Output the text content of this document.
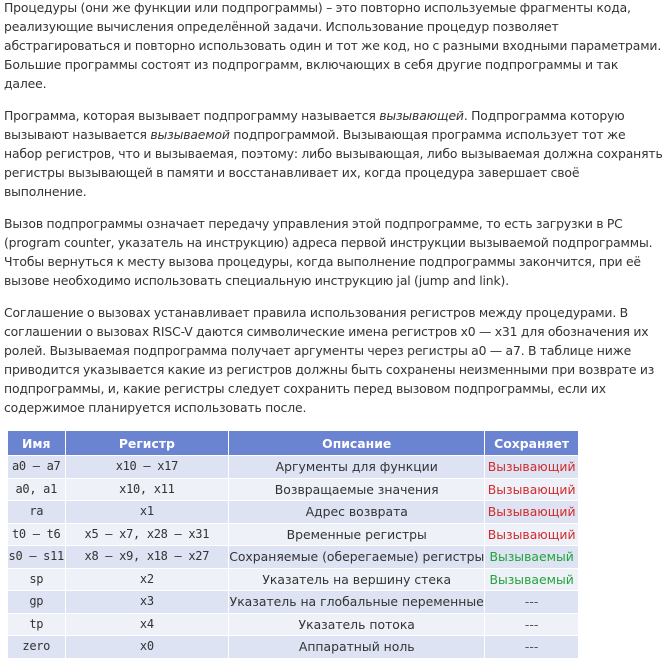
Процедуры (они же функции или подпрограммы) – это повторно используемые фрагменты кода, реализующие вычисления определённой задачи. Использование процедур позволяет абстрагироваться и повторно использовать один и тот же код, но с разными входными параметрами. Большие программы состоят из подпрограмм, включающих в себя другие подпрограммы и так далее.

Программа, которая вызывает подпрограмму называется вызывающей. Подпрограмма которую вызывают называется вызываемой подпрограммой. Вызывающая программа использует тот же набор регистров, что и вызываемая, поэтому: либо вызывающая, либо вызываемая должна сохранять регистры вызывающей в памяти и восстанавливает их, когда процедура завершает своё выполнение.

Вызов подпрограммы означает передачу управления этой подпрограмме, то есть загрузки в PC (program counter, указатель на инструкцию) адреса первой инструкции вызываемой подпрограммы. Чтобы вернуться к месту вызова процедуры, когда выполнение подпрограммы закончится, при её вызове необходимо использовать специальную инструкцию jal (jump and link).

Соглашение о вызовах устанавливает правила использования регистров между процедурами. В соглашении о вызовах RISC-V даются символические имена регистров x0 — x31 для обозначения их ролей. Вызываемая подпрограмма получает аргументы через регистры a0 — a7. В таблице ниже приводится указывается какие из регистров должны быть сохранены неизменными при возврате из подпрограммы, и, какие регистры следует сохранить перед вызовом подпрограммы, если их содержимое планируется использовать после.

Имя	Регистр	Описание	Сохраняет
a0 — a7	x10 — x17	Аргументы для функции	Вызывающий
a0, a1	x10, x11	Возвращаемые значения	Вызывающий
ra	x1	Адрес возврата	Вызывающий
t0 — t6	x5 — x7, x28 — x31	Временные регистры	Вызывающий
s0 — s11	x8 — x9, x18 — x27	Сохраняемые (оберегаемые) регистры	Вызываемый
sp	x2	Указатель на вершину стека	Вызываемый
gp	x3	Указатель на глобальные переменные	---
tp	x4	Указатель потока	---
zero	x0	Аппаратный ноль	---
